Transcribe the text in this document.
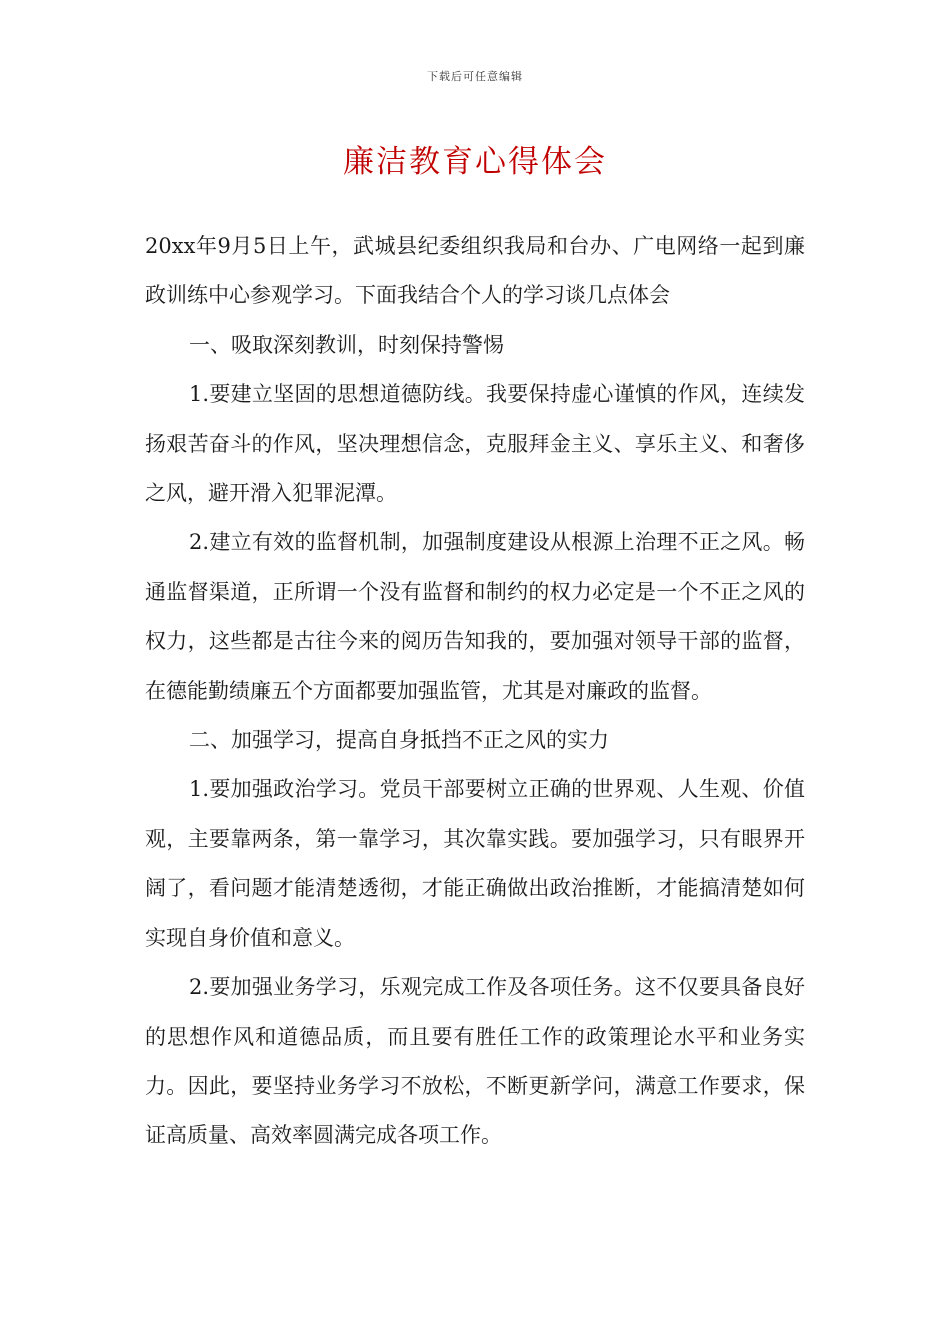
下载后可任意编辑
廉洁教育心得体会

20xx年9月5日上午，武城县纪委组织我局和台办、广电网络一起到廉政训练中心参观学习。下面我结合个人的学习谈几点体会

一、吸取深刻教训，时刻保持警惕

1.要建立坚固的思想道德防线。我要保持虚心谨慎的作风，连续发扬艰苦奋斗的作风，坚决理想信念，克服拜金主义、享乐主义、和奢侈之风，避开滑入犯罪泥潭。

2.建立有效的监督机制，加强制度建设从根源上治理不正之风。畅通监督渠道，正所谓一个没有监督和制约的权力必定是一个不正之风的权力，这些都是古往今来的阅历告知我的，要加强对领导干部的监督，在德能勤绩廉五个方面都要加强监管，尤其是对廉政的监督。

二、加强学习，提高自身抵挡不正之风的实力

1.要加强政治学习。党员干部要树立正确的世界观、人生观、价值观，主要靠两条，第一靠学习，其次靠实践。要加强学习，只有眼界开阔了，看问题才能清楚透彻，才能正确做出政治推断，才能搞清楚如何实现自身价值和意义。

2.要加强业务学习，乐观完成工作及各项任务。这不仅要具备良好的思想作风和道德品质，而且要有胜任工作的政策理论水平和业务实力。因此，要坚持业务学习不放松，不断更新学问，满意工作要求，保证高质量、高效率圆满完成各项工作。
